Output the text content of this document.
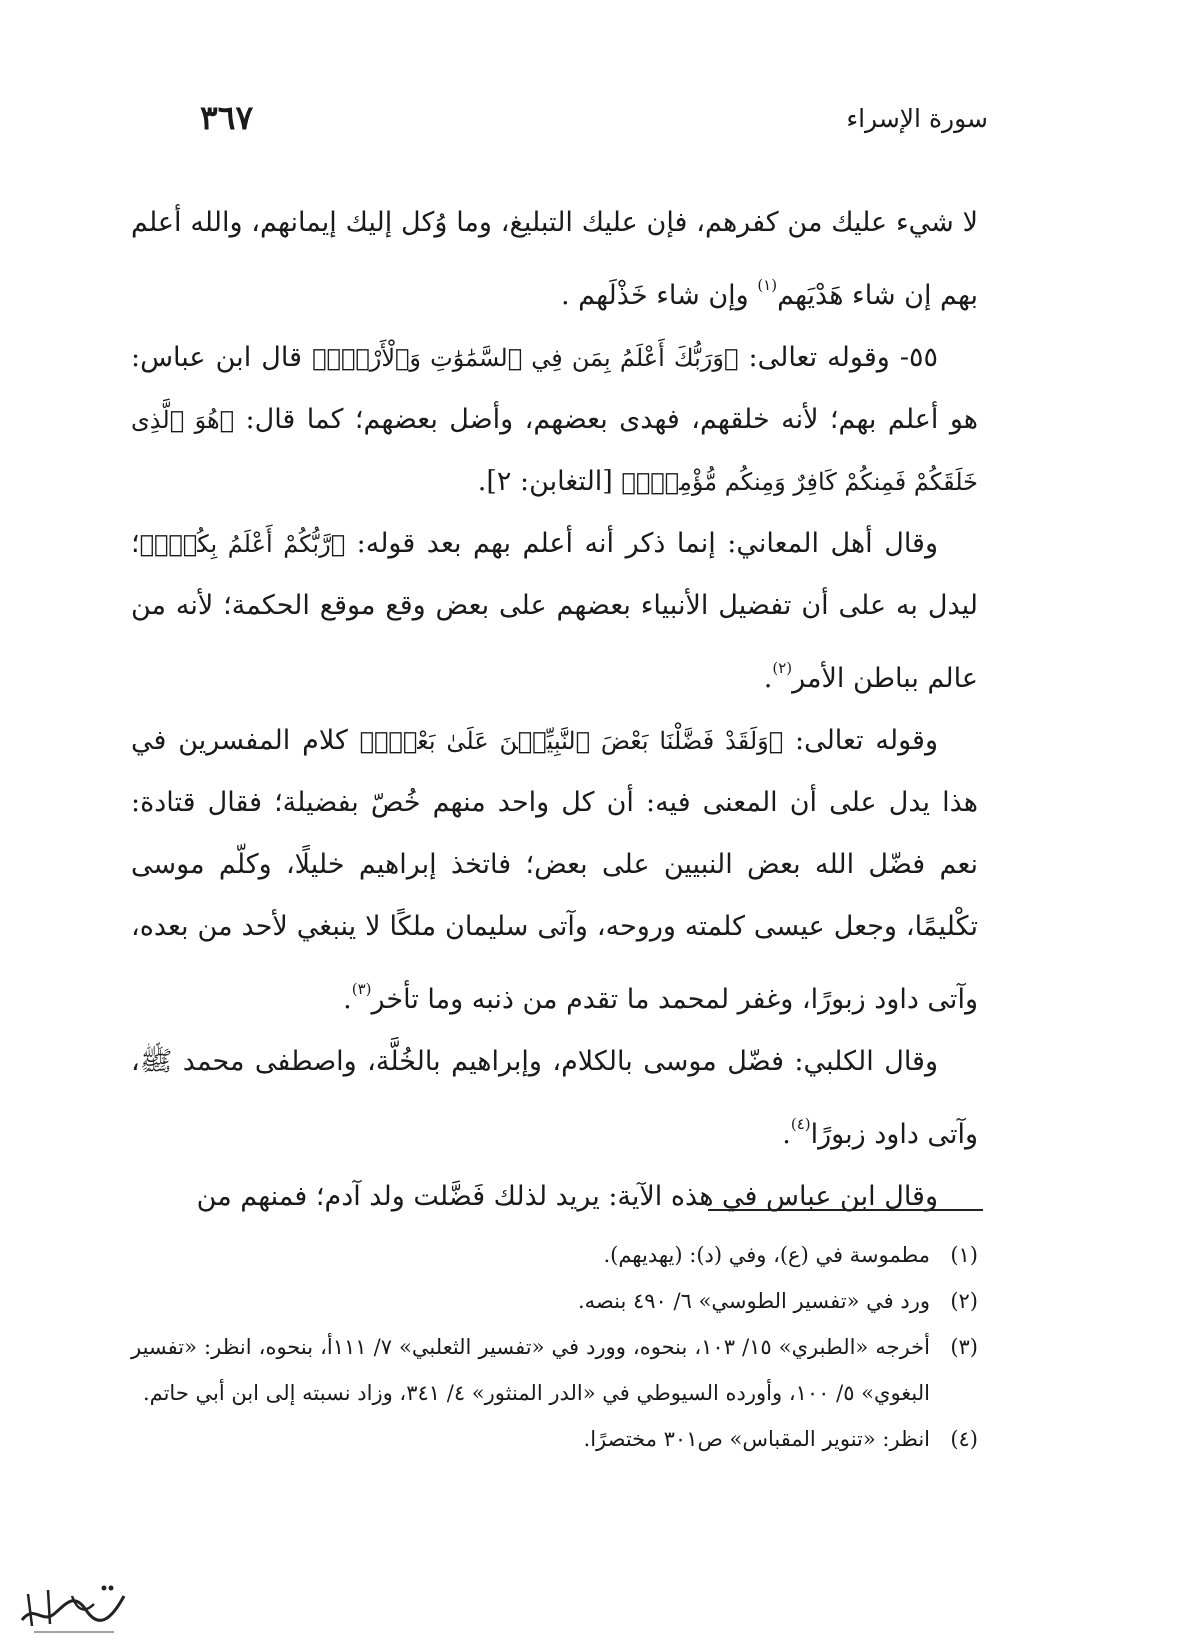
سورة الإسراء
٣٦٧

لا شيء عليك من كفرهم، فإن عليك التبليغ، وما وُكل إليك إيمانهم، والله أعلم بهم إن شاء هَدْيَهم$^{(١)}$ وإن شاء خَذْلَهم .

٥٥- وقوله تعالى: ﴿وَرَبُّكَ أَعْلَمُ بِمَن فِي ٱلسَّمَٰوَٰتِ وَٱلْأَرْضِۗ﴾ قال ابن عباس: هو أعلم بهم؛ لأنه خلقهم، فهدى بعضهم، وأضل بعضهم؛ كما قال: ﴿هُوَ ٱلَّذِى خَلَقَكُمْ فَمِنكُمْ كَافِرٌ وَمِنكُم مُّؤْمِنٌۚ﴾ [التغابن: ٢].

وقال أهل المعاني: إنما ذكر أنه أعلم بهم بعد قوله: ﴿رَّبُّكُمْ أَعْلَمُ بِكُمْۖ﴾؛ ليدل به على أن تفضيل الأنبياء بعضهم على بعض وقع موقع الحكمة؛ لأنه من عالم بباطن الأمر$^{(٢)}$.

وقوله تعالى: ﴿وَلَقَدْ فَضَّلْنَا بَعْضَ ٱلنَّبِيِّـۧنَ عَلَىٰ بَعْضٍۖ﴾ كلام المفسرين في هذا يدل على أن المعنى فيه: أن كل واحد منهم خُصّ بفضيلة؛ فقال قتادة: نعم فضّل الله بعض النبيين على بعض؛ فاتخذ إبراهيم خليلًا، وكلّم موسى تكْليمًا، وجعل عيسى كلمته وروحه، وآتى سليمان ملكًا لا ينبغي لأحد من بعده، وآتى داود زبورًا، وغفر لمحمد ما تقدم من ذنبه وما تأخر$^{(٣)}$.

وقال الكلبي: فضّل موسى بالكلام، وإبراهيم بالخُلَّة، واصطفى محمد ﷺ، وآتى داود زبورًا$^{(٤)}$.

وقال ابن عباس في هذه الآية: يريد لذلك فَضَّلت ولد آدم؛ فمنهم من

(١)
مطموسة في (ع)، وفي (د): (يهديهم).
(٢)
ورد في «تفسير الطوسي» ٦/ ٤٩٠ بنصه.
(٣)
أخرجه «الطبري» ١٥/ ١٠٣، بنحوه، وورد في «تفسير الثعلبي» ٧/ ١١١أ، بنحوه، انظر: «تفسير البغوي» ٥/ ١٠٠، وأورده السيوطي في «الدر المنثور» ٤/ ٣٤١، وزاد نسبته إلى ابن أبي حاتم.
(٤)
انظر: «تنوير المقباس» ص٣٠١ مختصرًا.
